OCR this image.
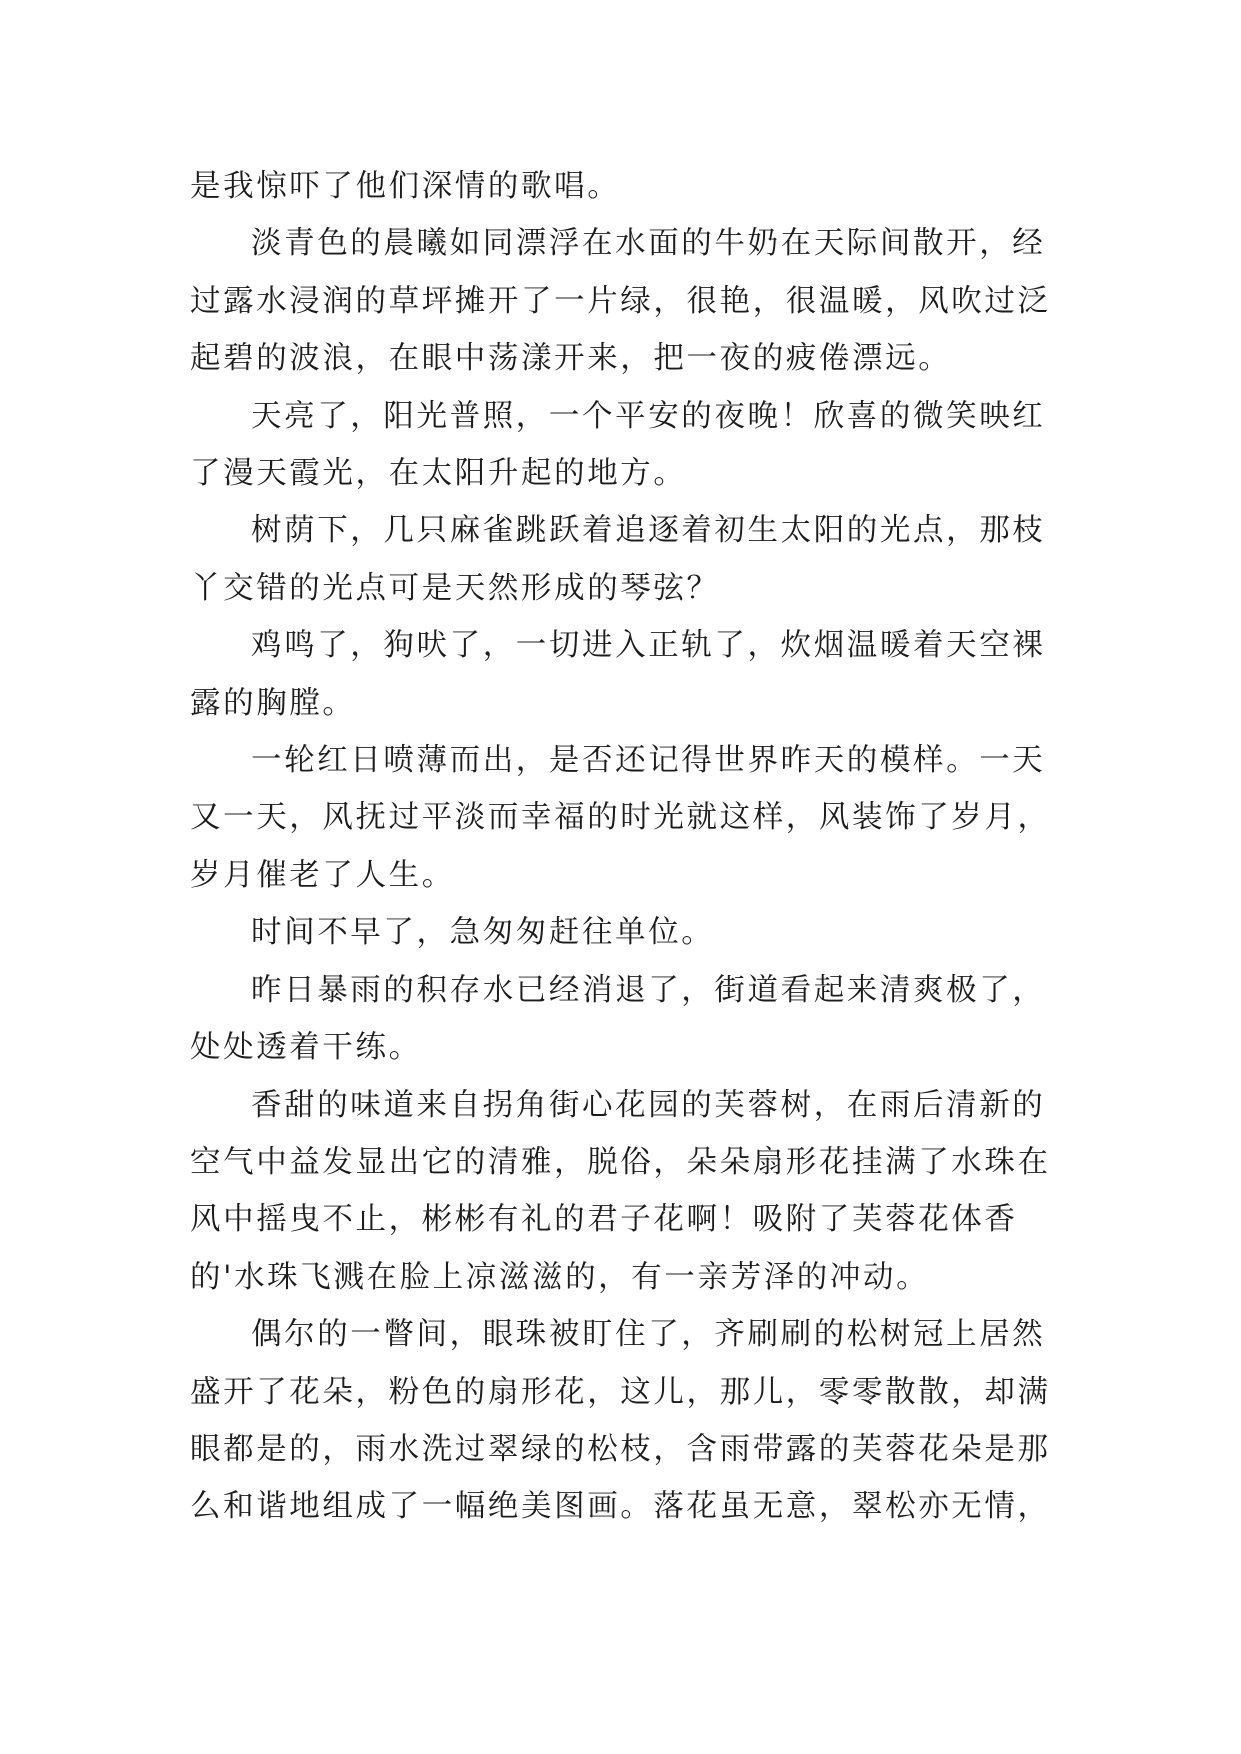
是我惊吓了他们深情的歌唱。

淡青色的晨曦如同漂浮在水面的牛奶在天际间散开，经过露水浸润的草坪摊开了一片绿，很艳，很温暖，风吹过泛起碧的波浪，在眼中荡漾开来，把一夜的疲倦漂远。

天亮了，阳光普照，一个平安的夜晚！欣喜的微笑映红了漫天霞光，在太阳升起的地方。

树荫下，几只麻雀跳跃着追逐着初生太阳的光点，那枝丫交错的光点可是天然形成的琴弦？

鸡鸣了，狗吠了，一切进入正轨了，炊烟温暖着天空裸露的胸膛。

一轮红日喷薄而出，是否还记得世界昨天的模样。一天又一天，风抚过平淡而幸福的时光就这样，风装饰了岁月，岁月催老了人生。

时间不早了，急匆匆赶往单位。

昨日暴雨的积存水已经消退了，街道看起来清爽极了，处处透着干练。

香甜的味道来自拐角街心花园的芙蓉树，在雨后清新的空气中益发显出它的清雅，脱俗，朵朵扇形花挂满了水珠在风中摇曳不止，彬彬有礼的君子花啊！吸附了芙蓉花体香的'水珠飞溅在脸上凉滋滋的，有一亲芳泽的冲动。

偶尔的一瞥间，眼珠被盯住了，齐刷刷的松树冠上居然盛开了花朵，粉色的扇形花，这儿，那儿，零零散散，却满眼都是的，雨水洗过翠绿的松枝，含雨带露的芙蓉花朵是那么和谐地组成了一幅绝美图画。落花虽无意，翠松亦无情，
